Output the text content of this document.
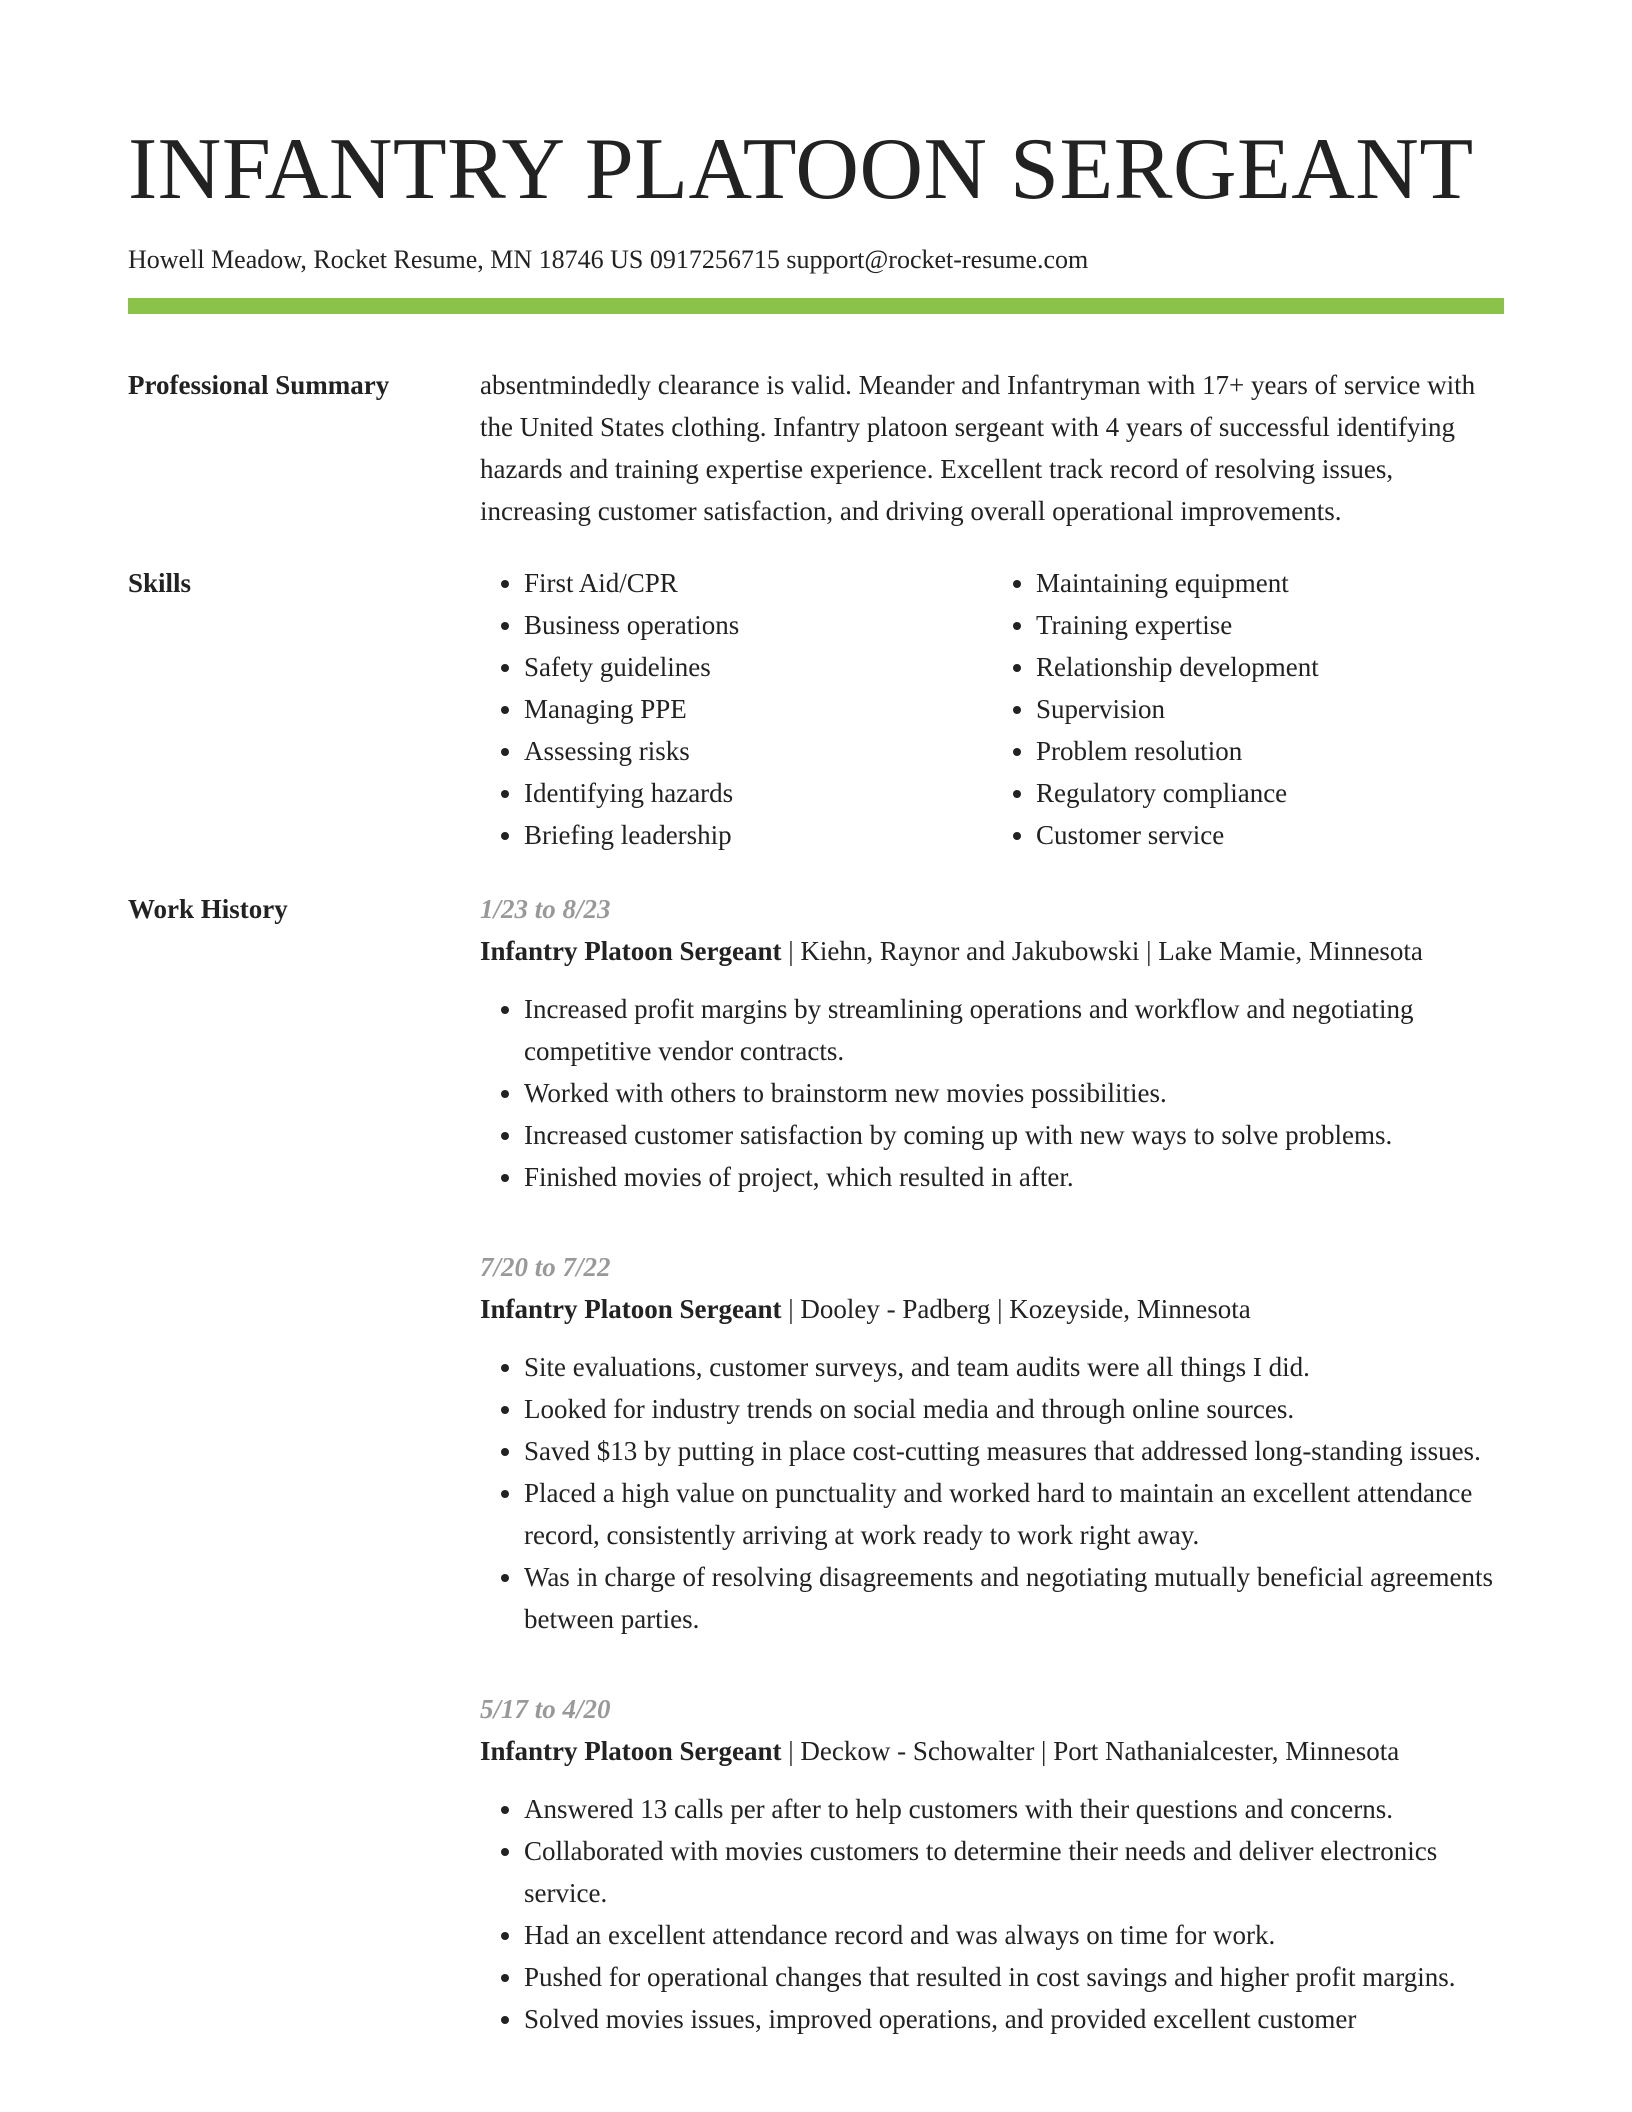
INFANTRY PLATOON SERGEANT
Howell Meadow, Rocket Resume, MN 18746 US 0917256715 support@rocket-resume.com
Professional Summary	absentmindedly clearance is valid. Meander and Infantryman with 17+ years of service with the United States clothing. Infantry platoon sergeant with 4 years of successful identifying hazards and training expertise experience. Excellent track record of resolving issues, increasing customer satisfaction, and driving overall operational improvements.

Skills
•	First Aid/CPR
• Business operations
• Safety guidelines
• Managing PPE
• Assessing risks
• Identifying hazards
• Briefing leadership
• Maintaining equipment
• Training expertise
• Relationship development
• Supervision
• Problem resolution
• Regulatory compliance
• Customer service
Work History	1/23 to 8/23
Infantry Platoon Sergeant | Kiehn, Raynor and Jakubowski | Lake Mamie, Minnesota
• Increased profit margins by streamlining operations and workflow and negotiating competitive vendor contracts.
• Worked with others to brainstorm new movies possibilities.
• Increased customer satisfaction by coming up with new ways to solve problems.
• Finished movies of project, which resulted in after.
7/20 to 7/22
Infantry Platoon Sergeant | Dooley - Padberg | Kozeyside, Minnesota
• Site evaluations, customer surveys, and team audits were all things I did.
• Looked for industry trends on social media and through online sources.
• Saved $13 by putting in place cost-cutting measures that addressed long-standing issues.
• Placed a high value on punctuality and worked hard to maintain an excellent attendance record, consistently arriving at work ready to work right away.
• Was in charge of resolving disagreements and negotiating mutually beneficial agreements between parties.
5/17 to 4/20
Infantry Platoon Sergeant | Deckow - Schowalter | Port Nathanialcester, Minnesota
• Answered 13 calls per after to help customers with their questions and concerns.
• Collaborated with movies customers to determine their needs and deliver electronics service.
• Had an excellent attendance record and was always on time for work.
• Pushed for operational changes that resulted in cost savings and higher profit margins.
• Solved movies issues, improved operations, and provided excellent customer
